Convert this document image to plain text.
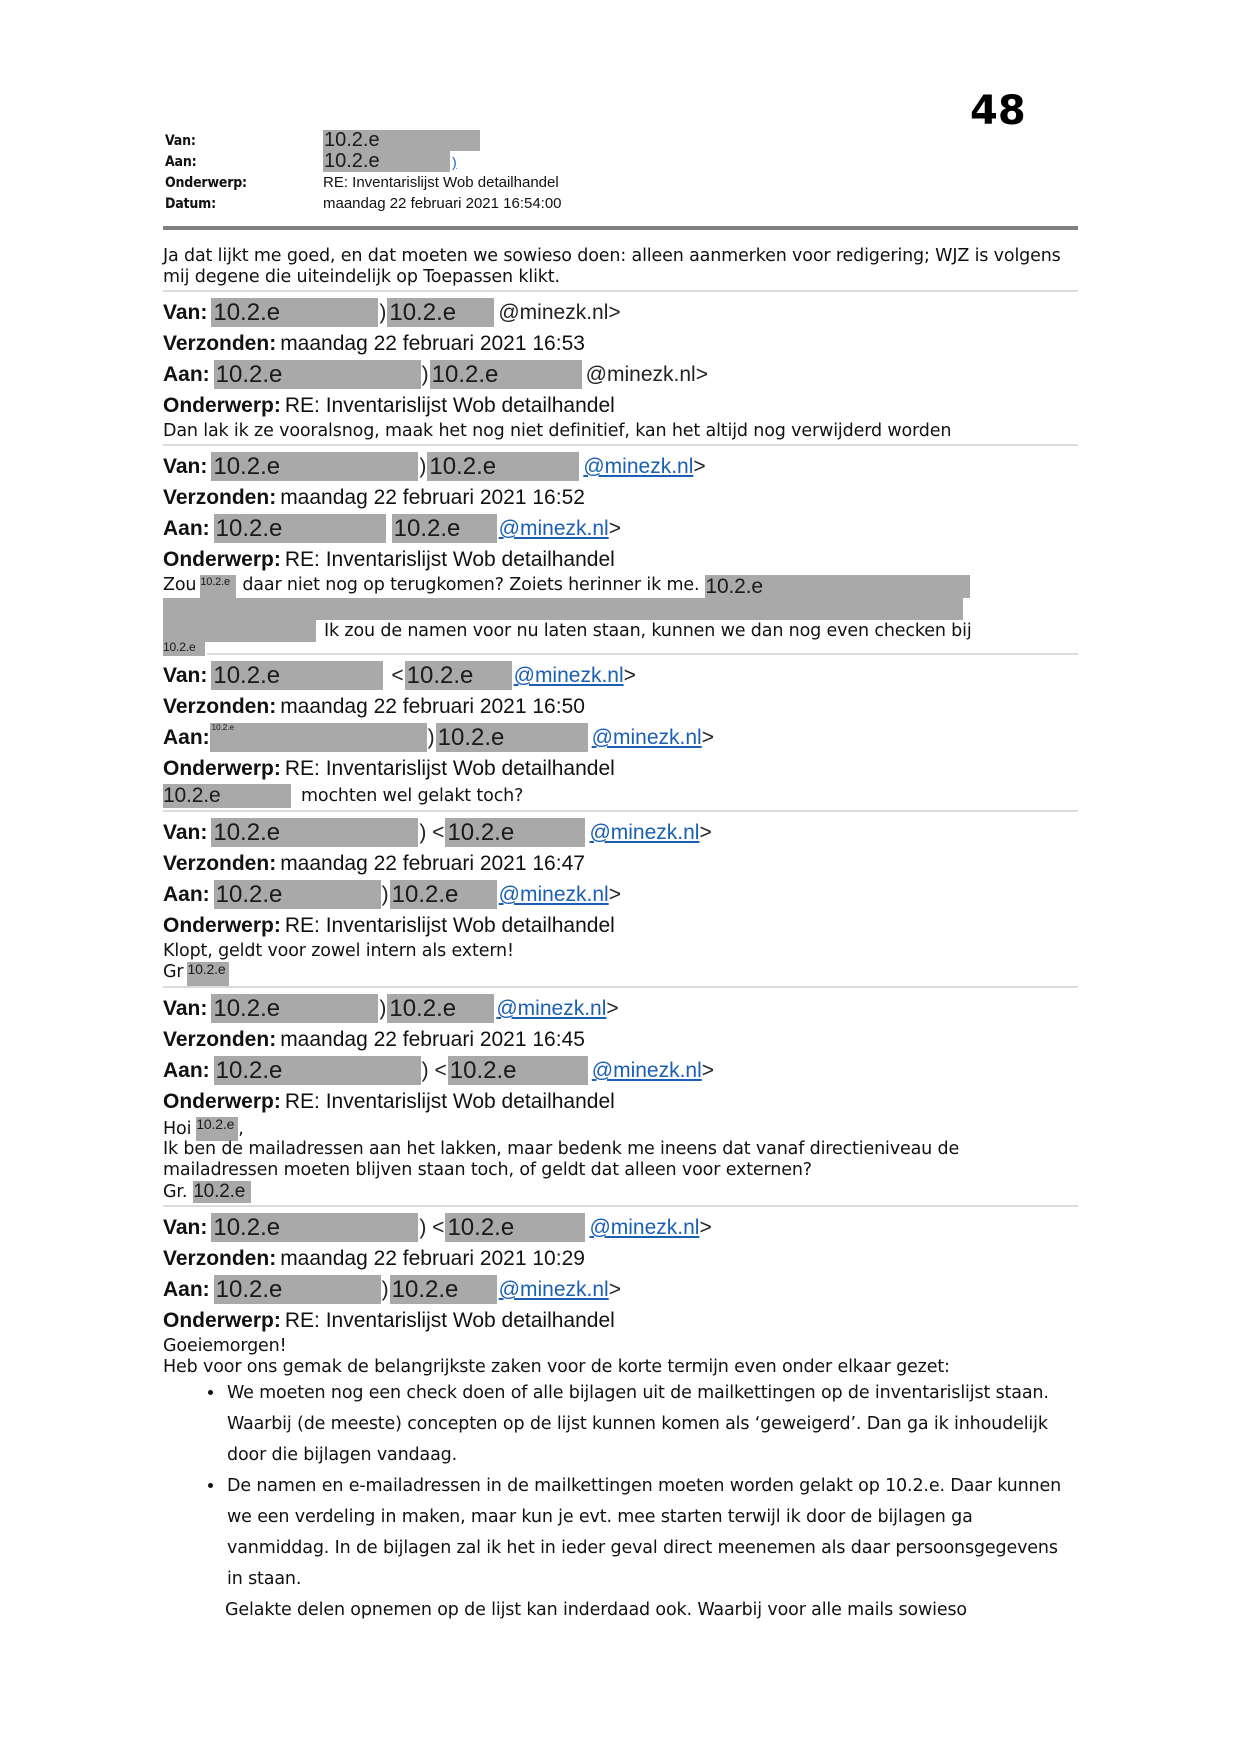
48
Van:	10.2.e
Aan:	10.2.e	)
Onderwerp:	RE: Inventarislijst Wob detailhandel
Datum:	maandag 22 februari 2021 16:54:00
Ja dat lijkt me goed, en dat moeten we sowieso doen: alleen aanmerken voor redigering; WJZ is volgens mij degene die uiteindelijk op Toepassen klikt.
Van: 10.2.e	) 10.2.e	@minezk.nl >
Verzonden: maandag 22 februari 2021 16:53
Aan: 10.2.e	) 10.2.e	@minezk.nl >
Onderwerp: RE: Inventarislijst Wob detailhandel
Dan lak ik ze vooralsnog, maak het nog niet definitief, kan het altijd nog verwijderd worden
Van: 10.2.e	) 10.2.e	@minezk.nl >
Verzonden: maandag 22 februari 2021 16:52
Aan: 10.2.e	10.2.e	@minezk.nl >
Onderwerp: RE: Inventarislijst Wob detailhandel
Zou 10.2.e daar niet nog op terugkomen? Zoiets herinner ik me. 10.2.e
Ik zou de namen voor nu laten staan, kunnen we dan nog even checken bij
10.2.e
Van: 10.2.e	< 10.2.e	@minezk.nl >
Verzonden: maandag 22 februari 2021 16:50
Aan: 10.2.e	) 10.2.e	@minezk.nl >
Onderwerp: RE: Inventarislijst Wob detailhandel
10.2.e	mochten wel gelakt toch?
Van: 10.2.e	) < 10.2.e	@minezk.nl >
Verzonden: maandag 22 februari 2021 16:47
Aan: 10.2.e	) 10.2.e	@minezk.nl >
Onderwerp: RE: Inventarislijst Wob detailhandel
Klopt, geldt voor zowel intern als extern!
Gr 10.2.e
Van: 10.2.e	) 10.2.e	@minezk.nl >
Verzonden: maandag 22 februari 2021 16:45
Aan: 10.2.e	) < 10.2.e	@minezk.nl >
Onderwerp: RE: Inventarislijst Wob detailhandel
Hoi 10.2.e ,
Ik ben de mailadressen aan het lakken, maar bedenk me ineens dat vanaf directieniveau de mailadressen moeten blijven staan toch, of geldt dat alleen voor externen?
Gr. 10.2.e
Van: 10.2.e	) < 10.2.e	@minezk.nl >
Verzonden: maandag 22 februari 2021 10:29
Aan: 10.2.e	) 10.2.e	@minezk.nl >
Onderwerp: RE: Inventarislijst Wob detailhandel
Goeiemorgen!
Heb voor ons gemak de belangrijkste zaken voor de korte termijn even onder elkaar gezet:
• We moeten nog een check doen of alle bijlagen uit de mailkettingen op de inventarislijst staan. Waarbij (de meeste) concepten op de lijst kunnen komen als ‘geweigerd’. Dan ga ik inhoudelijk door die bijlagen vandaag.
• De namen en e-mailadressen in de mailkettingen moeten worden gelakt op 10.2.e. Daar kunnen we een verdeling in maken, maar kun je evt. mee starten terwijl ik door de bijlagen ga vanmiddag. In de bijlagen zal ik het in ieder geval direct meenemen als daar persoonsgegevens in staan.
Gelakte delen opnemen op de lijst kan inderdaad ook. Waarbij voor alle mails sowieso
